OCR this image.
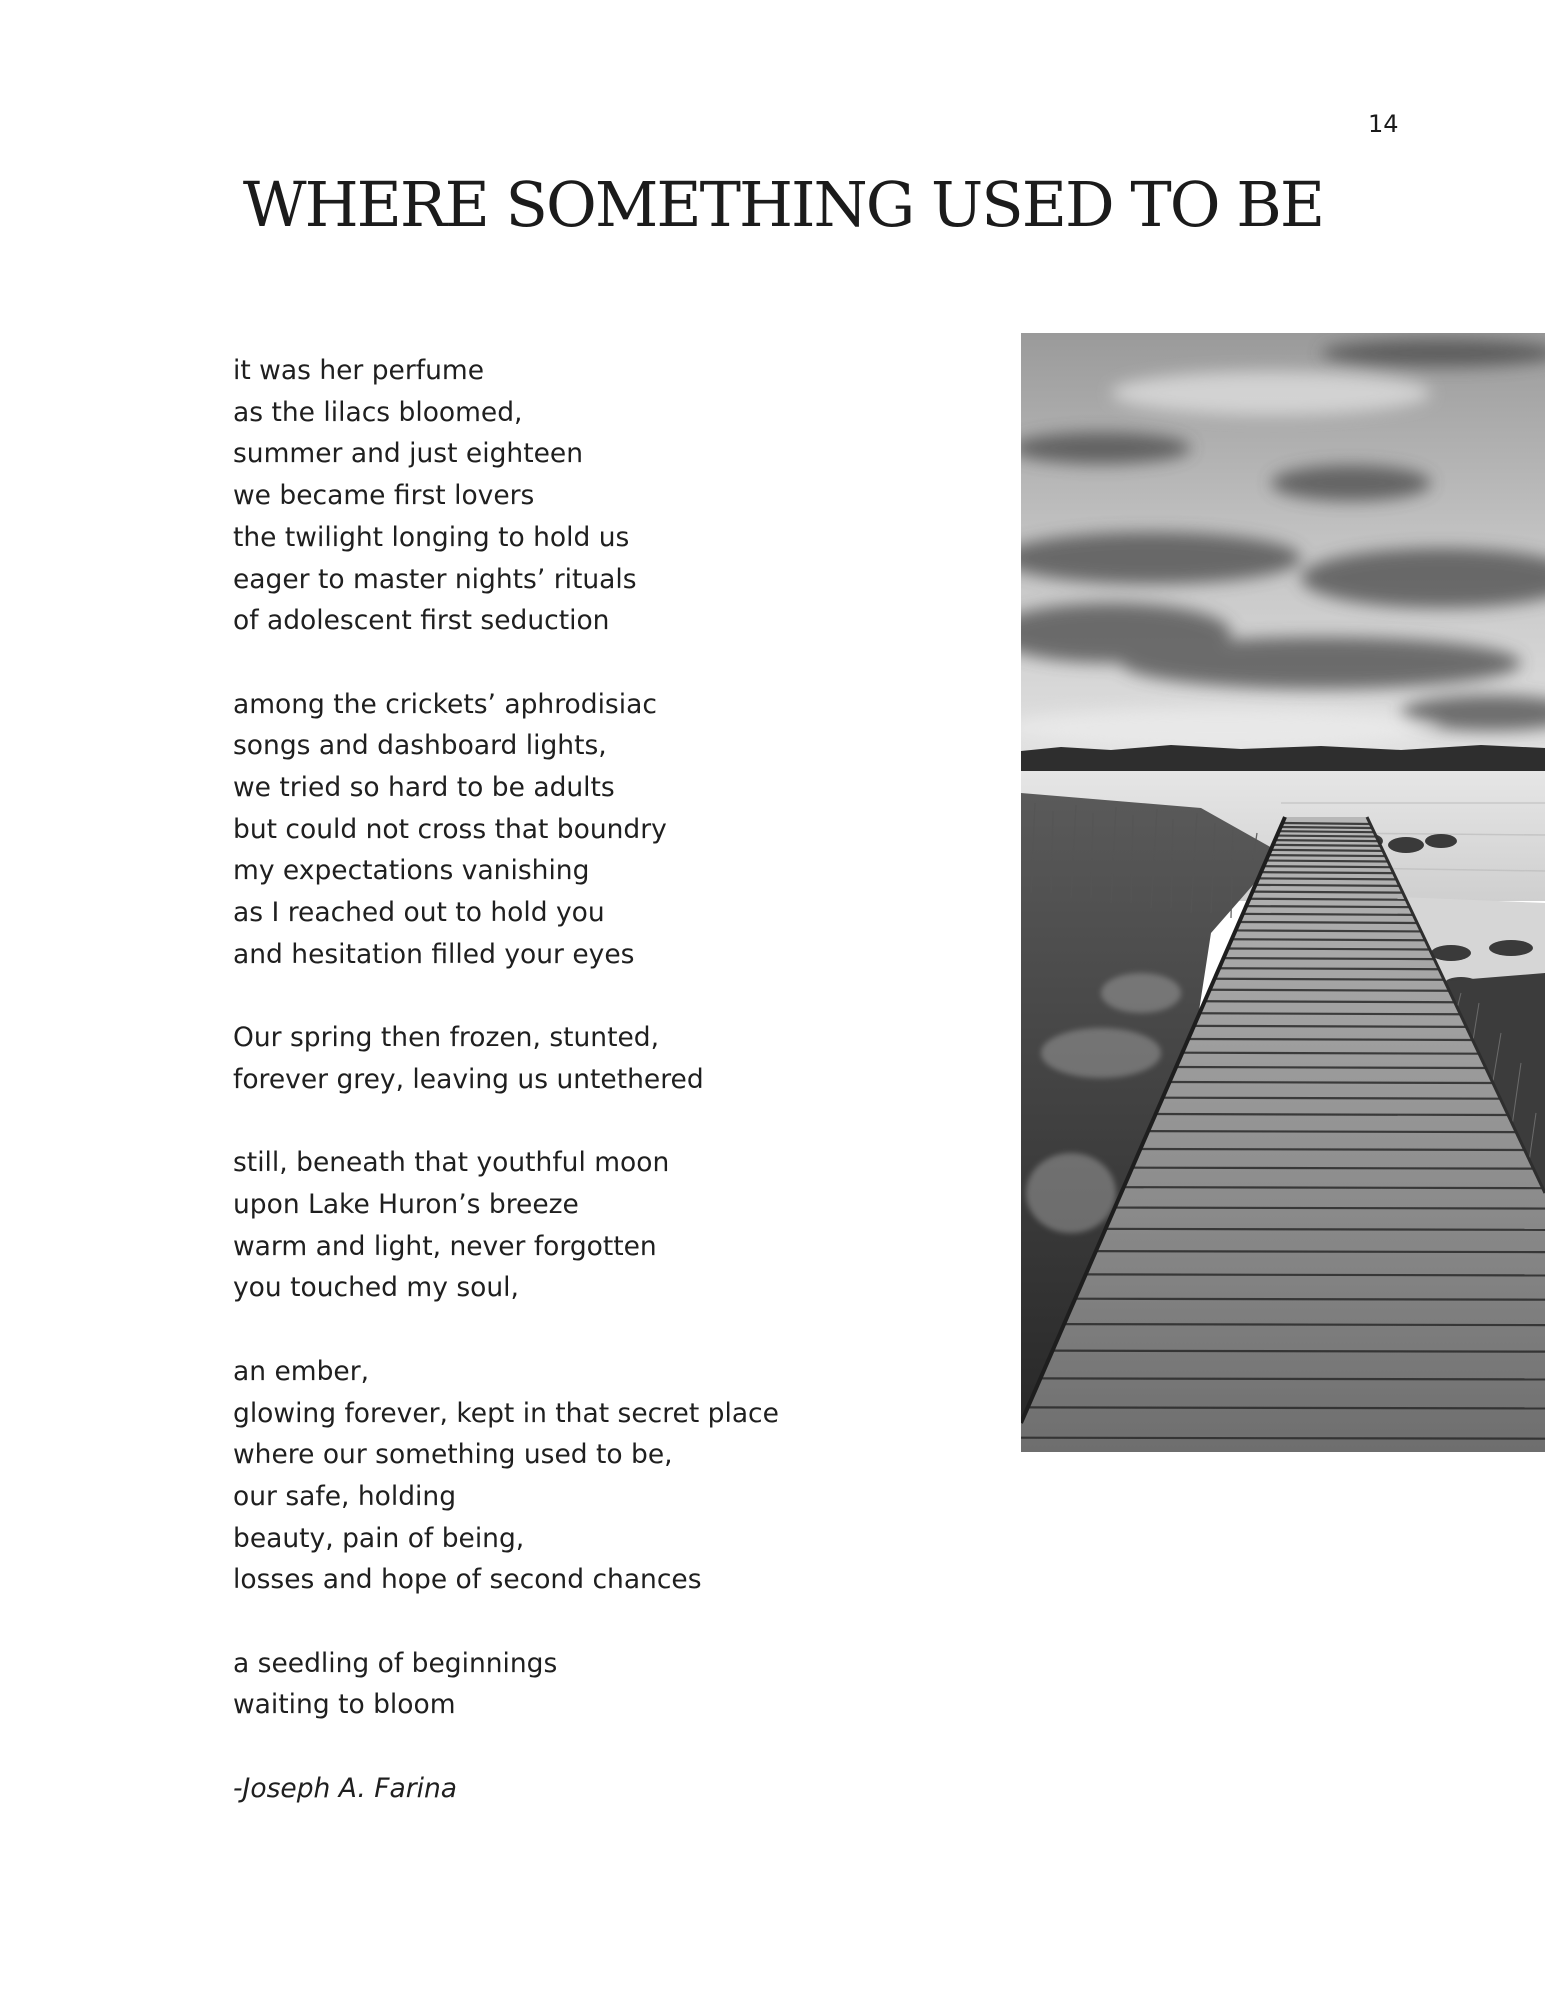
14
WHERE SOMETHING USED TO BE
it was her perfume
as the lilacs bloomed,
summer and just eighteen
we became first lovers
the twilight longing to hold us
eager to master nights’ rituals
of adolescent first seduction
among the crickets’ aphrodisiac
songs and dashboard lights,
we tried so hard to be adults
but could not cross that boundry
my expectations vanishing
as I reached out to hold you
and hesitation filled your eyes
Our spring then frozen, stunted,
forever grey, leaving us untethered
still, beneath that youthful moon
upon Lake Huron’s breeze
warm and light, never forgotten
you touched my soul,
an ember,
glowing forever, kept in that secret place
where our something used to be,
our safe, holding
beauty, pain of being,
losses and hope of second chances
a seedling of beginnings
waiting to bloom
-Joseph A. Farina
